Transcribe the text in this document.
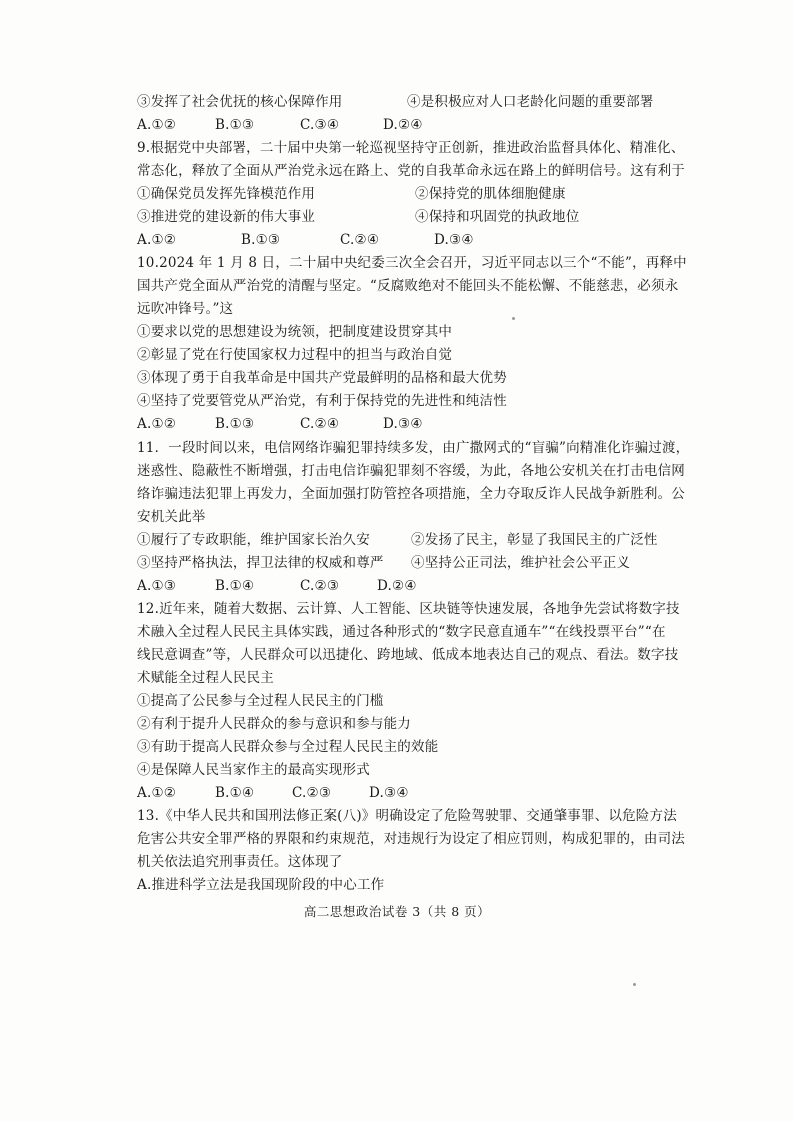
③发挥了社会优抚的核心保障作用	④是积极应对人口老龄化问题的重要部署
A.①②	B.①③	C.③④	D.②④
9.根据党中央部署，二十届中央第一轮巡视坚持守正创新，推进政治监督具体化、精准化、
常态化，释放了全面从严治党永远在路上、党的自我革命永远在路上的鲜明信号。这有利于
①确保党员发挥先锋模范作用	②保持党的肌体细胞健康
③推进党的建设新的伟大事业	④保持和巩固党的执政地位
A.①②	B.①③	C.②④	D.③④
10.2024 年 1 月 8 日，二十届中央纪委三次全会召开，习近平同志以三个“不能”，再释中
国共产党全面从严治党的清醒与坚定。“反腐败绝对不能回头不能松懈、不能慈悲，必须永
远吹冲锋号。”这
①要求以党的思想建设为统领，把制度建设贯穿其中
②彰显了党在行使国家权力过程中的担当与政治自觉
③体现了勇于自我革命是中国共产党最鲜明的品格和最大优势
④坚持了党要管党从严治党，有利于保持党的先进性和纯洁性
A.①②	B.①③	C.②④	D.③④
11．一段时间以来，电信网络诈骗犯罪持续多发，由广撒网式的“盲骗”向精准化诈骗过渡，
迷惑性、隐蔽性不断增强，打击电信诈骗犯罪刻不容缓，为此，各地公安机关在打击电信网
络诈骗违法犯罪上再发力，全面加强打防管控各项措施，全力夺取反诈人民战争新胜利。公
安机关此举
①履行了专政职能，维护国家长治久安	②发扬了民主，彰显了我国民主的广泛性
③坚持严格执法，捍卫法律的权威和尊严 ④坚持公正司法，维护社会公平正义
A.①③	B.①④	C.②③	D.②④
12.近年来，随着大数据、云计算、人工智能、区块链等快速发展，各地争先尝试将数字技
术融入全过程人民民主具体实践，通过各种形式的“数字民意直通车”“在线投票平台”“在
线民意调查”等，人民群众可以迅捷化、跨地域、低成本地表达自己的观点、看法。数字技
术赋能全过程人民民主
①提高了公民参与全过程人民民主的门槛
②有利于提升人民群众的参与意识和参与能力
③有助于提高人民群众参与全过程人民民主的效能
④是保障人民当家作主的最高实现形式
A.①②	B.①④	C.②③	D.③④
13.《中华人民共和国刑法修正案(八)》明确设定了危险驾驶罪、交通肇事罪、以危险方法
危害公共安全罪严格的界限和约束规范，对违规行为设定了相应罚则，构成犯罪的，由司法
机关依法追究刑事责任。这体现了
A.推进科学立法是我国现阶段的中心工作
高二思想政治试卷 3（共 8 页）
